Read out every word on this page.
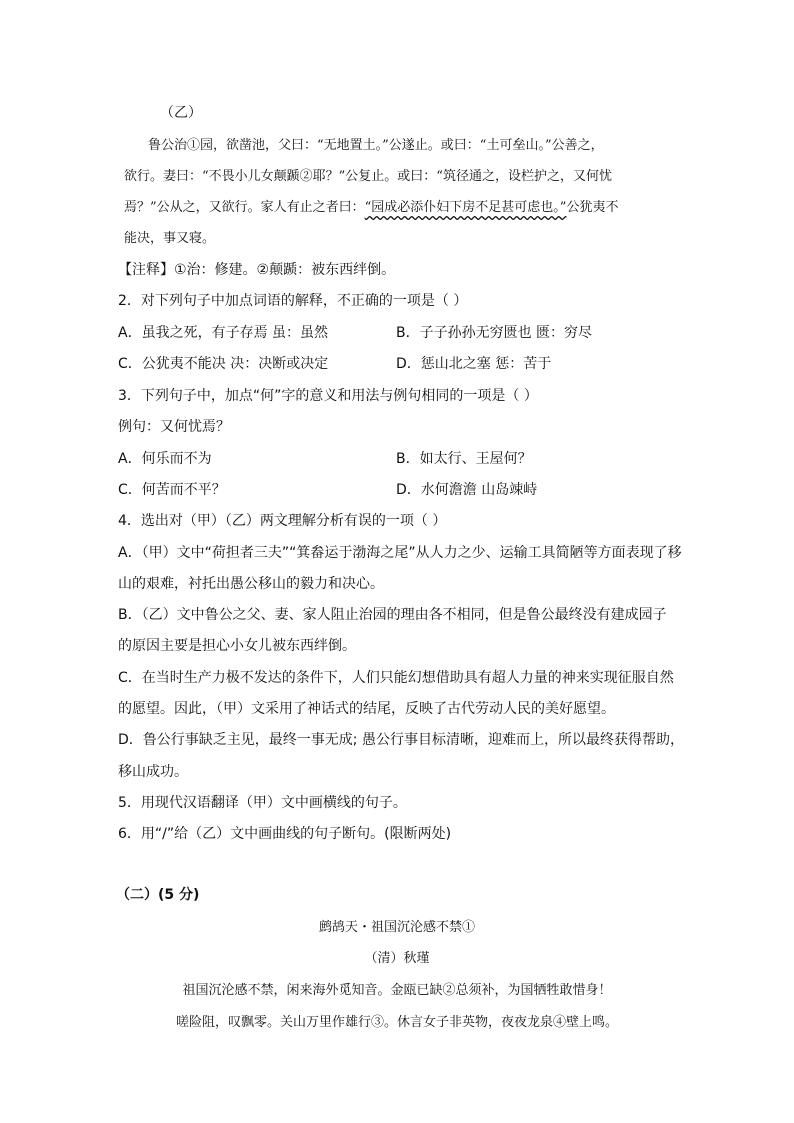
（乙）
鲁公治①园，欲凿池，父曰：“无地置土。”公遂止。或曰：“土可垒山。”公善之，
欲行。妻曰：“不畏小儿女颠踬②耶？”公复止。或曰：“筑径通之，设栏护之，又何忧
焉？”公从之，又欲行。家人有止之者曰：“园成必添仆妇下房不足甚可虑也。”公犹夷不
能决，事又寝。
【注释】①治：修建。②颠踬：被东西绊倒。
2．对下列句子中加点词语的解释，不正确的一项是（ ）
A．虽我之死，有子存焉 虽：虽然	B．子子孙孙无穷匮也 匮：穷尽
C．公犹夷不能决 决：决断或决定	D．惩山北之塞 惩：苦于
3．下列句子中，加点“何”字的意义和用法与例句相同的一项是（ ）
例句：又何忧焉？
A．何乐而不为	B．如太行、王屋何？
C．何苦而不平？	D．水何澹澹 山岛竦峙
4．选出对（甲）（乙）两文理解分析有误的一项（ ）
A．（甲）文中“荷担者三夫”“箕畚运于渤海之尾”从人力之少、运输工具简陋等方面表现了移
山的艰难，衬托出愚公移山的毅力和决心。
B．（乙）文中鲁公之父、妻、家人阻止治园的理由各不相同，但是鲁公最终没有建成园子
的原因主要是担心小女儿被东西绊倒。
C．在当时生产力极不发达的条件下，人们只能幻想借助具有超人力量的神来实现征服自然
的愿望。因此，（甲）文采用了神话式的结尾，反映了古代劳动人民的美好愿望。
D．鲁公行事缺乏主见，最终一事无成; 愚公行事目标清晰，迎难而上，所以最终获得帮助，
移山成功。
5．用现代汉语翻译（甲）文中画横线的句子。
6．用“/”给（乙）文中画曲线的句子断句。(限断两处)
（二）(5 分)
鹧鸪天・祖国沉沦感不禁①
（清）秋瑾
祖国沉沦感不禁，闲来海外觅知音。金瓯已缺②总须补，为国牺牲敢惜身！
嗟险阻，叹飘零。关山万里作雄行③。休言女子非英物，夜夜龙泉④壁上鸣。
